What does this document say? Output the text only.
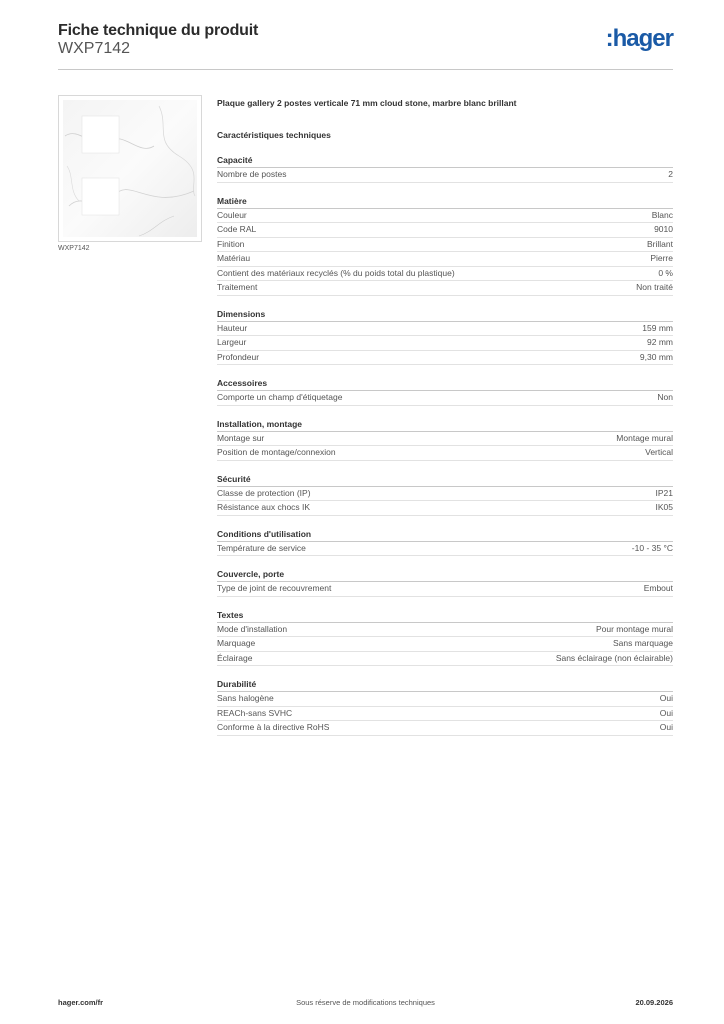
Fiche technique du produit
WXP7142	:hager
WXP7142
Plaque gallery 2 postes verticale 71 mm cloud stone, marbre blanc brillant
Caractéristiques techniques
Capacité
Nombre de postes	2
Matière
Couleur	Blanc
Code RAL	9010
Finition	Brillant
Matériau	Pierre
Contient des matériaux recyclés (% du poids total du plastique)	0 %
Traitement	Non traité
Dimensions
Hauteur	159 mm
Largeur	92 mm
Profondeur	9,30 mm
Accessoires
Comporte un champ d'étiquetage	Non
Installation, montage
Montage sur	Montage mural
Position de montage/connexion	Vertical
Sécurité
Classe de protection (IP)	IP21
Résistance aux chocs IK	IK05
Conditions d'utilisation
Température de service	-10 - 35 °C
Couvercle, porte
Type de joint de recouvrement	Embout
Textes
Mode d'installation	Pour montage mural
Marquage	Sans marquage
Éclairage	Sans éclairage (non éclairable)
Durabilité
Sans halogène	Oui
REACh-sans SVHC	Oui
Conforme à la directive RoHS	Oui
Sous réserve de modifications techniques
hager.com/fr	20.09.2026
